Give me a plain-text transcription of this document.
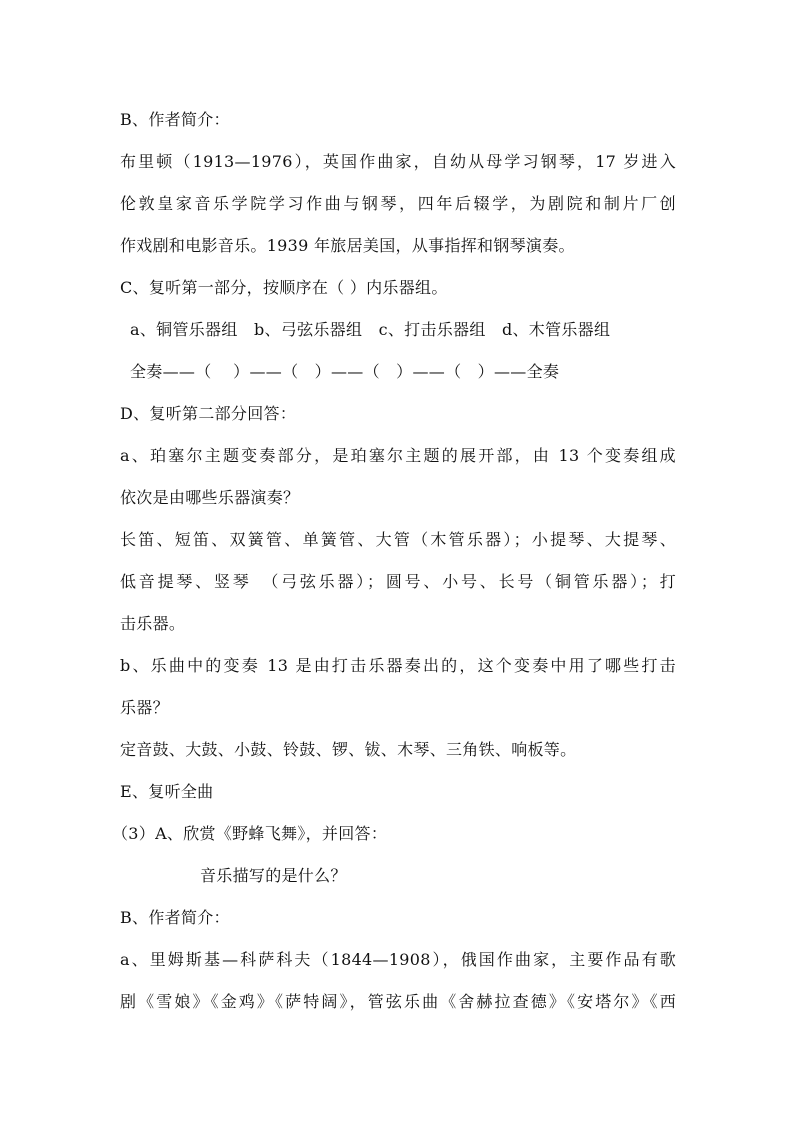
B、作者简介：
布里顿（1913—1976），英国作曲家，自幼从母学习钢琴，17 岁进入
伦敦皇家音乐学院学习作曲与钢琴，四年后辍学，为剧院和制片厂创
作戏剧和电影音乐。1939 年旅居美国，从事指挥和钢琴演奏。
C、复听第一部分，按顺序在（ ）内乐器组。
a、铜管乐器组　b、弓弦乐器组　c、打击乐器组　d、木管乐器组
全奏——（　 ）——（　）——（　）——（　）——全奏
D、复听第二部分回答：
a、珀塞尔主题变奏部分，是珀塞尔主题的展开部，由 13 个变奏组成
依次是由哪些乐器演奏？
长笛、短笛、双簧管、单簧管、大管（木管乐器）；小提琴、大提琴、
低音提琴、竖琴　（弓弦乐器）；圆号、小号、长号（铜管乐器）；打
击乐器。
b、乐曲中的变奏 13 是由打击乐器奏出的，这个变奏中用了哪些打击
乐器？
定音鼓、大鼓、小鼓、铃鼓、锣、钹、木琴、三角铁、响板等。
E、复听全曲
（3）A、欣赏《野蜂飞舞》，并回答：
音乐描写的是什么？
B、作者简介：
a、里姆斯基—科萨科夫（1844—1908），俄国作曲家，主要作品有歌
剧《雪娘》《金鸡》《萨特阔》，管弦乐曲《舍赫拉查德》《安塔尔》《西
